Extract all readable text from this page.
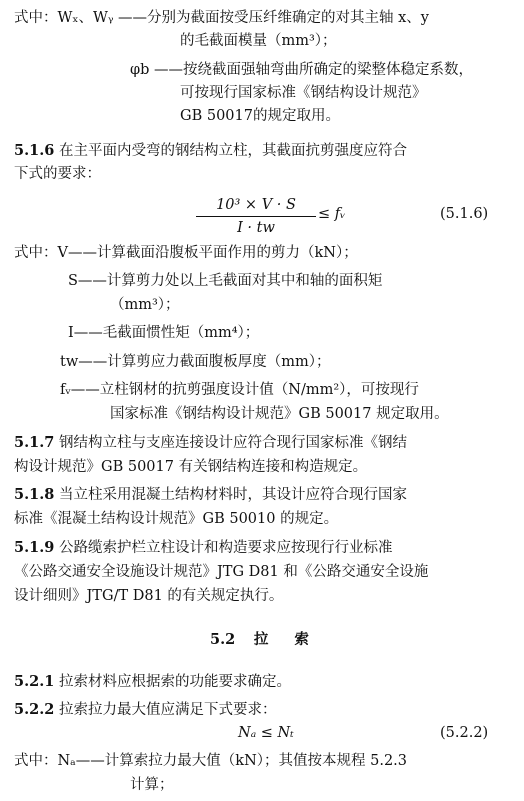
式中：Wₓ、Wᵧ ——分别为截面按受压纤维确定的对其主轴 x、y
的毛截面模量（mm³）；
φb ——按绕截面强轴弯曲所确定的梁整体稳定系数，
可按现行国家标准《钢结构设计规范》
GB 50017的规定取用。
5.1.6 在主平面内受弯的钢结构立柱，其截面抗剪强度应符合
下式的要求：
$\frac{\text{10³ × V · S}}{I \cdot tw}$ ≤ fᵥ	(5.1.6)
式中：V——计算截面沿腹板平面作用的剪力（kN）；
S——计算剪力处以上毛截面对其中和轴的面积矩
（mm³）；
I——毛截面惯性矩（mm⁴）；
tw——计算剪应力截面腹板厚度（mm）；
fᵥ——立柱钢材的抗剪强度设计值（N/mm²），可按现行
国家标准《钢结构设计规范》GB 50017 规定取用。
5.1.7 钢结构立柱与支座连接设计应符合现行国家标准《钢结
构设计规范》GB 50017 有关钢结构连接和构造规定。
5.1.8 当立柱采用混凝土结构材料时，其设计应符合现行国家
标准《混凝土结构设计规范》GB 50010 的规定。
5.1.9 公路缆索护栏立柱设计和构造要求应按现行行业标准
《公路交通安全设施设计规范》JTG D81 和《公路交通安全设施
设计细则》JTG/T D81 的有关规定执行。
5.2 拉索
5.2.1 拉索材料应根据索的功能要求确定。
5.2.2 拉索拉力最大值应满足下式要求：
Nₐ ≤ Nₜ	(5.2.2)
式中：Nₐ——计算索拉力最大值（kN）；其值按本规程 5.2.3
计算；
